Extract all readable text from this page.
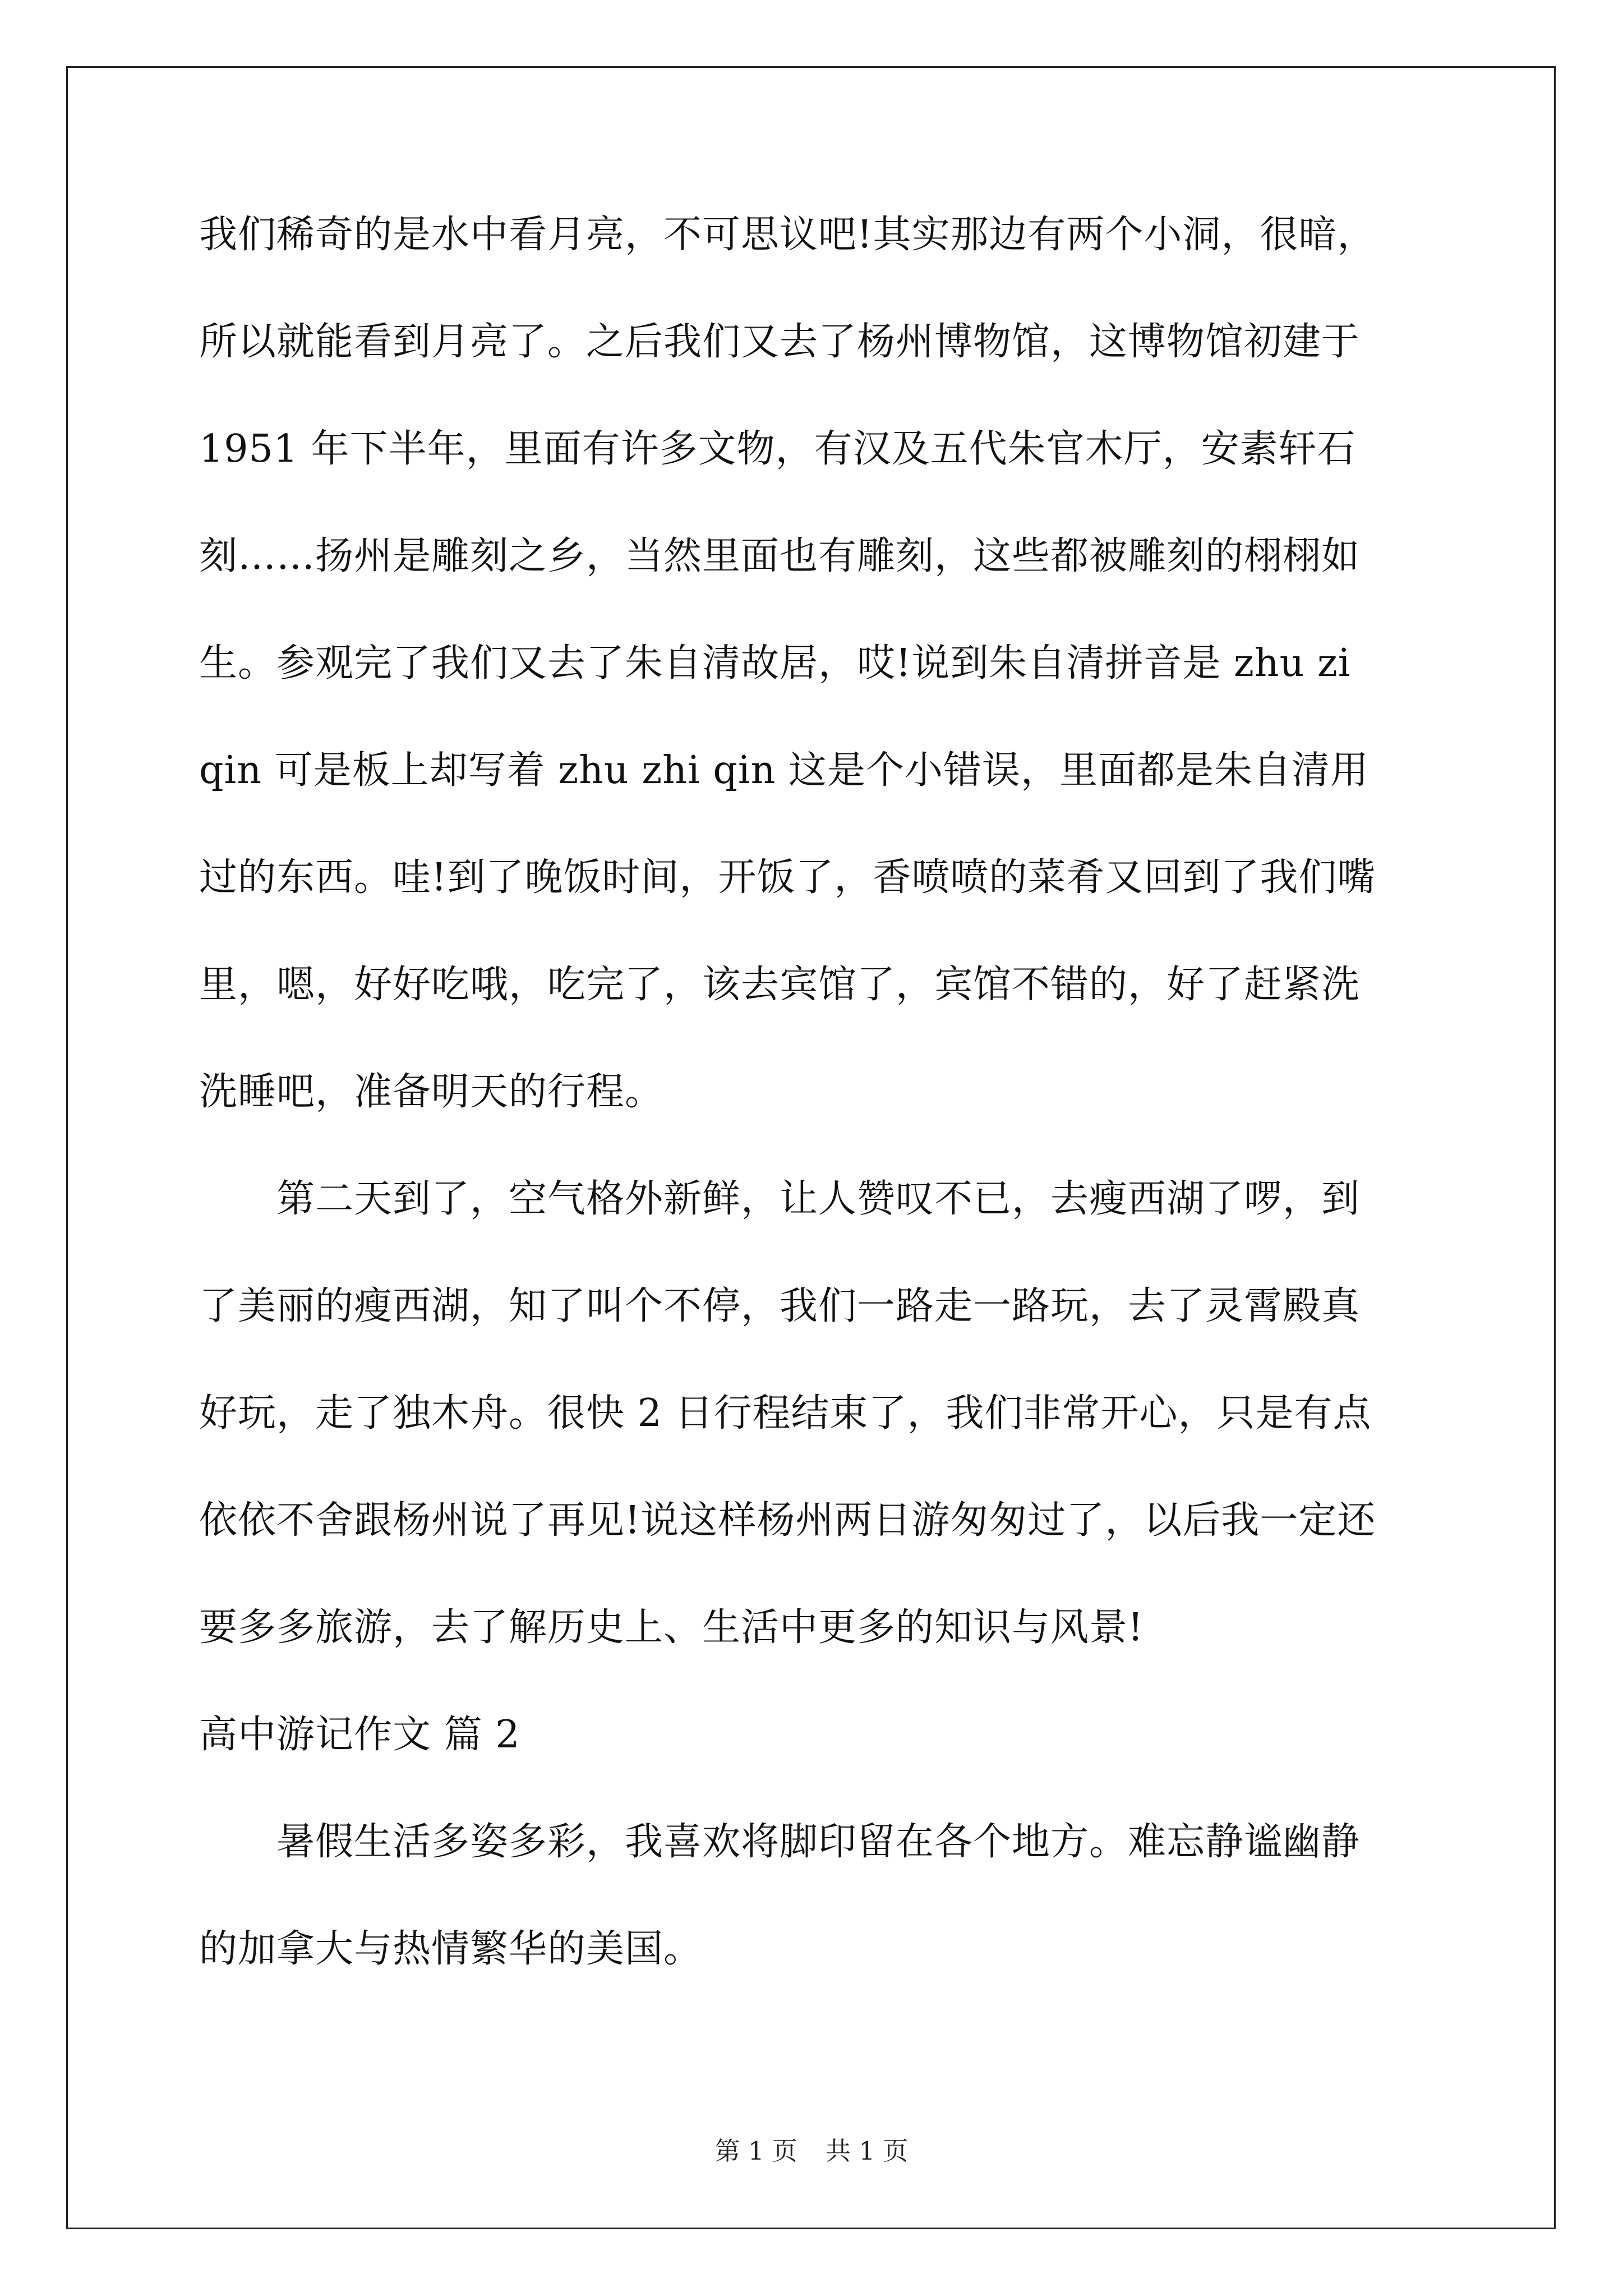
我们稀奇的是水中看月亮，不可思议吧!其实那边有两个小洞，很暗，
所以就能看到月亮了。之后我们又去了杨州博物馆，这博物馆初建于
1951 年下半年，里面有许多文物，有汉及五代朱官木厅，安素轩石
刻……扬州是雕刻之乡，当然里面也有雕刻，这些都被雕刻的栩栩如
生。参观完了我们又去了朱自清故居，哎!说到朱自清拼音是 zhu zi
qin 可是板上却写着 zhu zhi qin 这是个小错误，里面都是朱自清用
过的东西。哇!到了晚饭时间，开饭了，香喷喷的菜肴又回到了我们嘴
里，嗯，好好吃哦，吃完了，该去宾馆了，宾馆不错的，好了赶紧洗
洗睡吧，准备明天的行程。
　　第二天到了，空气格外新鲜，让人赞叹不已，去瘦西湖了啰，到
了美丽的瘦西湖，知了叫个不停，我们一路走一路玩，去了灵霄殿真
好玩，走了独木舟。很快 2 日行程结束了，我们非常开心，只是有点
依依不舍跟杨州说了再见!说这样杨州两日游匆匆过了，以后我一定还
要多多旅游，去了解历史上、生活中更多的知识与风景!
高中游记作文 篇 2
　　暑假生活多姿多彩，我喜欢将脚印留在各个地方。难忘静谧幽静
的加拿大与热情繁华的美国。
第 1 页 共 1 页
